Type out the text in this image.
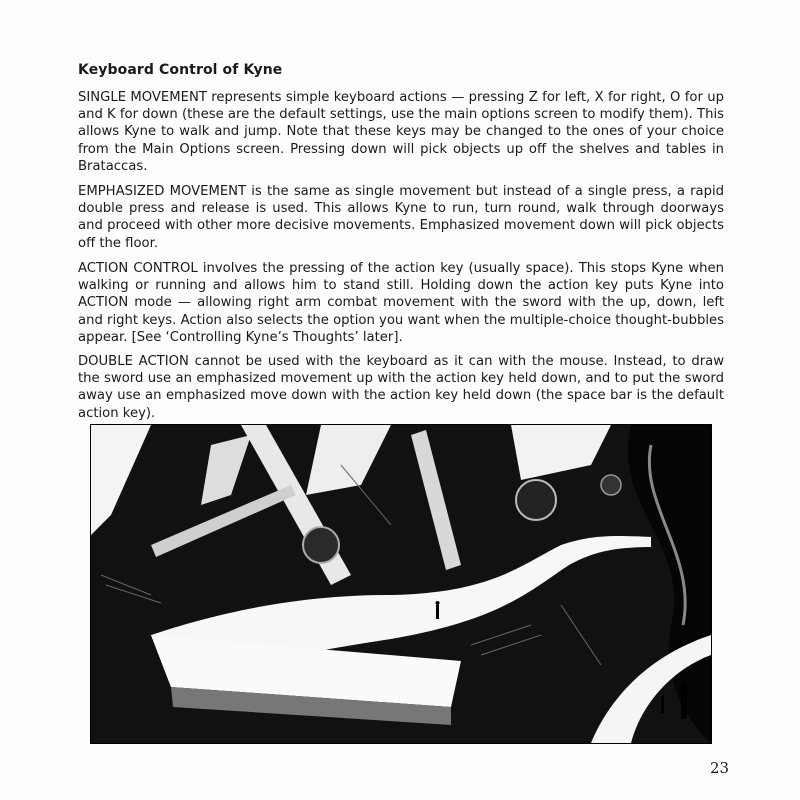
Keyboard Control of Kyne

SINGLE MOVEMENT represents simple keyboard actions — pressing Z for left, X for right, O for up and K for down (these are the default settings, use the main options screen to modify them). This allows Kyne to walk and jump. Note that these keys may be changed to the ones of your choice from the Main Options screen. Pressing down will pick objects up off the shelves and tables in Brataccas.

EMPHASIZED MOVEMENT is the same as single movement but instead of a single press, a rapid double press and release is used. This allows Kyne to run, turn round, walk through doorways and proceed with other more decisive movements. Emphasized movement down will pick objects off the floor.

ACTION CONTROL involves the pressing of the action key (usually space). This stops Kyne when walking or running and allows him to stand still. Holding down the action key puts Kyne into ACTION mode — allowing right arm combat movement with the sword with the up, down, left and right keys. Action also selects the option you want when the multiple-choice thought-bubbles appear. [See ‘Controlling Kyne’s Thoughts’ later].

DOUBLE ACTION cannot be used with the keyboard as it can with the mouse. Instead, to draw the sword use an emphasized movement up with the action key held down, and to put the sword away use an emphasized move down with the action key held down (the space bar is the default action key).

23
